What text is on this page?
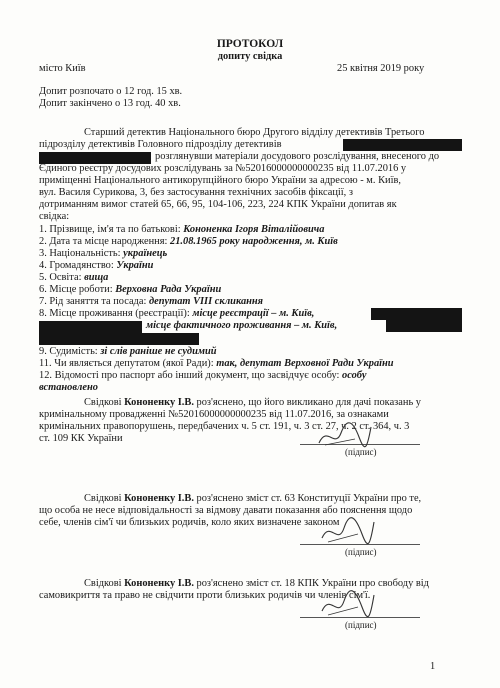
ПРОТОКОЛ
допиту свідка
місто Київ	25 квітня 2019 року
Допит розпочато о 12 год. 15 хв.
Допит закінчено о 13 год. 40 хв.
Старший детектив Національного бюро Другого відділу детективів Третього
підрозділу детективів Головного підрозділу детективів
розглянувши матеріали досудового розслідування, внесеного до
Єдиного реєстру досудових розслідувань за №52016000000000235 від 11.07.2016 у
приміщенні Національного антикорупційного бюро України за адресою - м. Київ,
вул. Василя Сурикова, 3, без застосування технічних засобів фіксації, з
дотриманням вимог статей 65, 66, 95, 104-106, 223, 224 КПК України допитав як
свідка:
1. Прізвище, ім'я та по батькові: Кононенка Ігоря Віталійовича
2. Дата та місце народження: 21.08.1965 року народження, м. Київ
3. Національність: українець
4. Громадянство: України
5. Освіта: вища
6. Місце роботи: Верховна Рада України
7. Рід заняття та посада: депутат VIII скликання
8. Місце проживання (реєстрації): місце реєстрації – м. Київ,
місце фактичного проживання – м. Київ,
9. Судимість: зі слів раніше не судимий
11. Чи являється депутатом (якої Ради): так, депутат Верховної Ради України
12. Відомості про паспорт або інший документ, що засвідчує особу: особу
встановлено
Свідкові Кононенку І.В. роз'яснено, що його викликано для дачі показань у
кримінальному провадженні №52016000000000235 від 11.07.2016, за ознаками
кримінальних правопорушень, передбачених ч. 5 ст. 191, ч. 3 ст. 27, ч. 2 ст. 364, ч. 3
ст. 109 КК України
(підпис)
Свідкові Кононенку І.В. роз'яснено зміст ст. 63 Конституції України про те,
що особа не несе відповідальності за відмову давати показання або пояснення щодо
себе, членів сім'ї чи близьких родичів, коло яких визначене законом
(підпис)
Свідкові Кононенку І.В. роз'яснено зміст ст. 18 КПК України про свободу від
самовикриття та право не свідчити проти близьких родичів чи членів сім'ї.
(підпис)
1
